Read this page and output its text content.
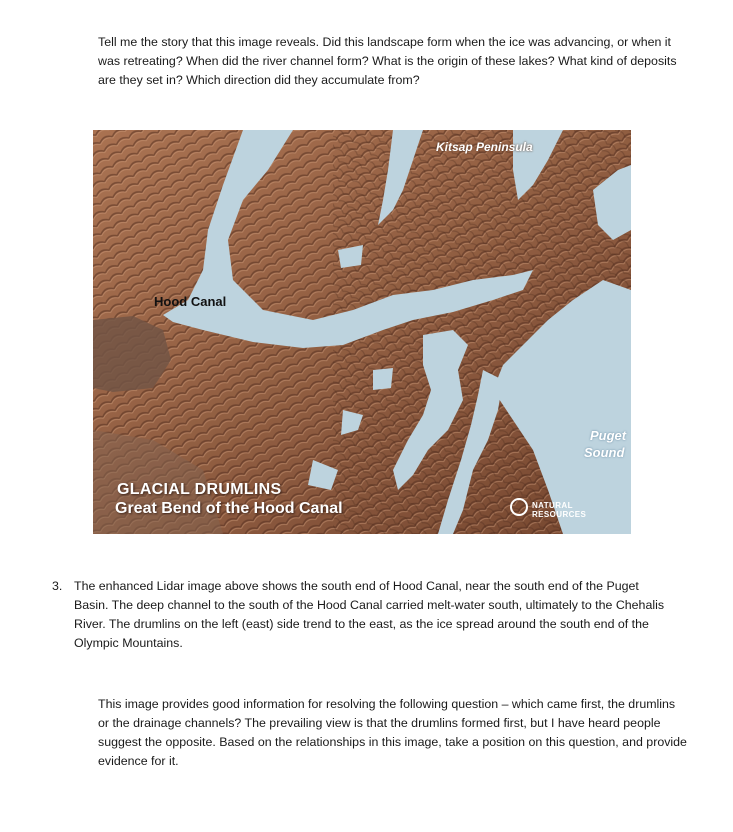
Tell me the story that this image reveals. Did this landscape form when the ice was advancing, or when it was retreating? When did the river channel form? What is the origin of these lakes? What kind of deposits are they set in? Which direction did they accumulate from?

Kitsap Peninsula
Hood Canal
Puget
Sound
GLACIAL DRUMLINS
Great Bend of the Hood Canal	NATURAL RESOURCES
3. The enhanced Lidar image above shows the south end of Hood Canal, near the south end of the Puget Basin. The deep channel to the south of the Hood Canal carried melt-water south, ultimately to the Chehalis River. The drumlins on the left (east) side trend to the east, as the ice spread around the south end of the Olympic Mountains.

This image provides good information for resolving the following question – which came first, the drumlins or the drainage channels? The prevailing view is that the drumlins formed first, but I have heard people suggest the opposite. Based on the relationships in this image, take a position on this question, and provide evidence for it.
